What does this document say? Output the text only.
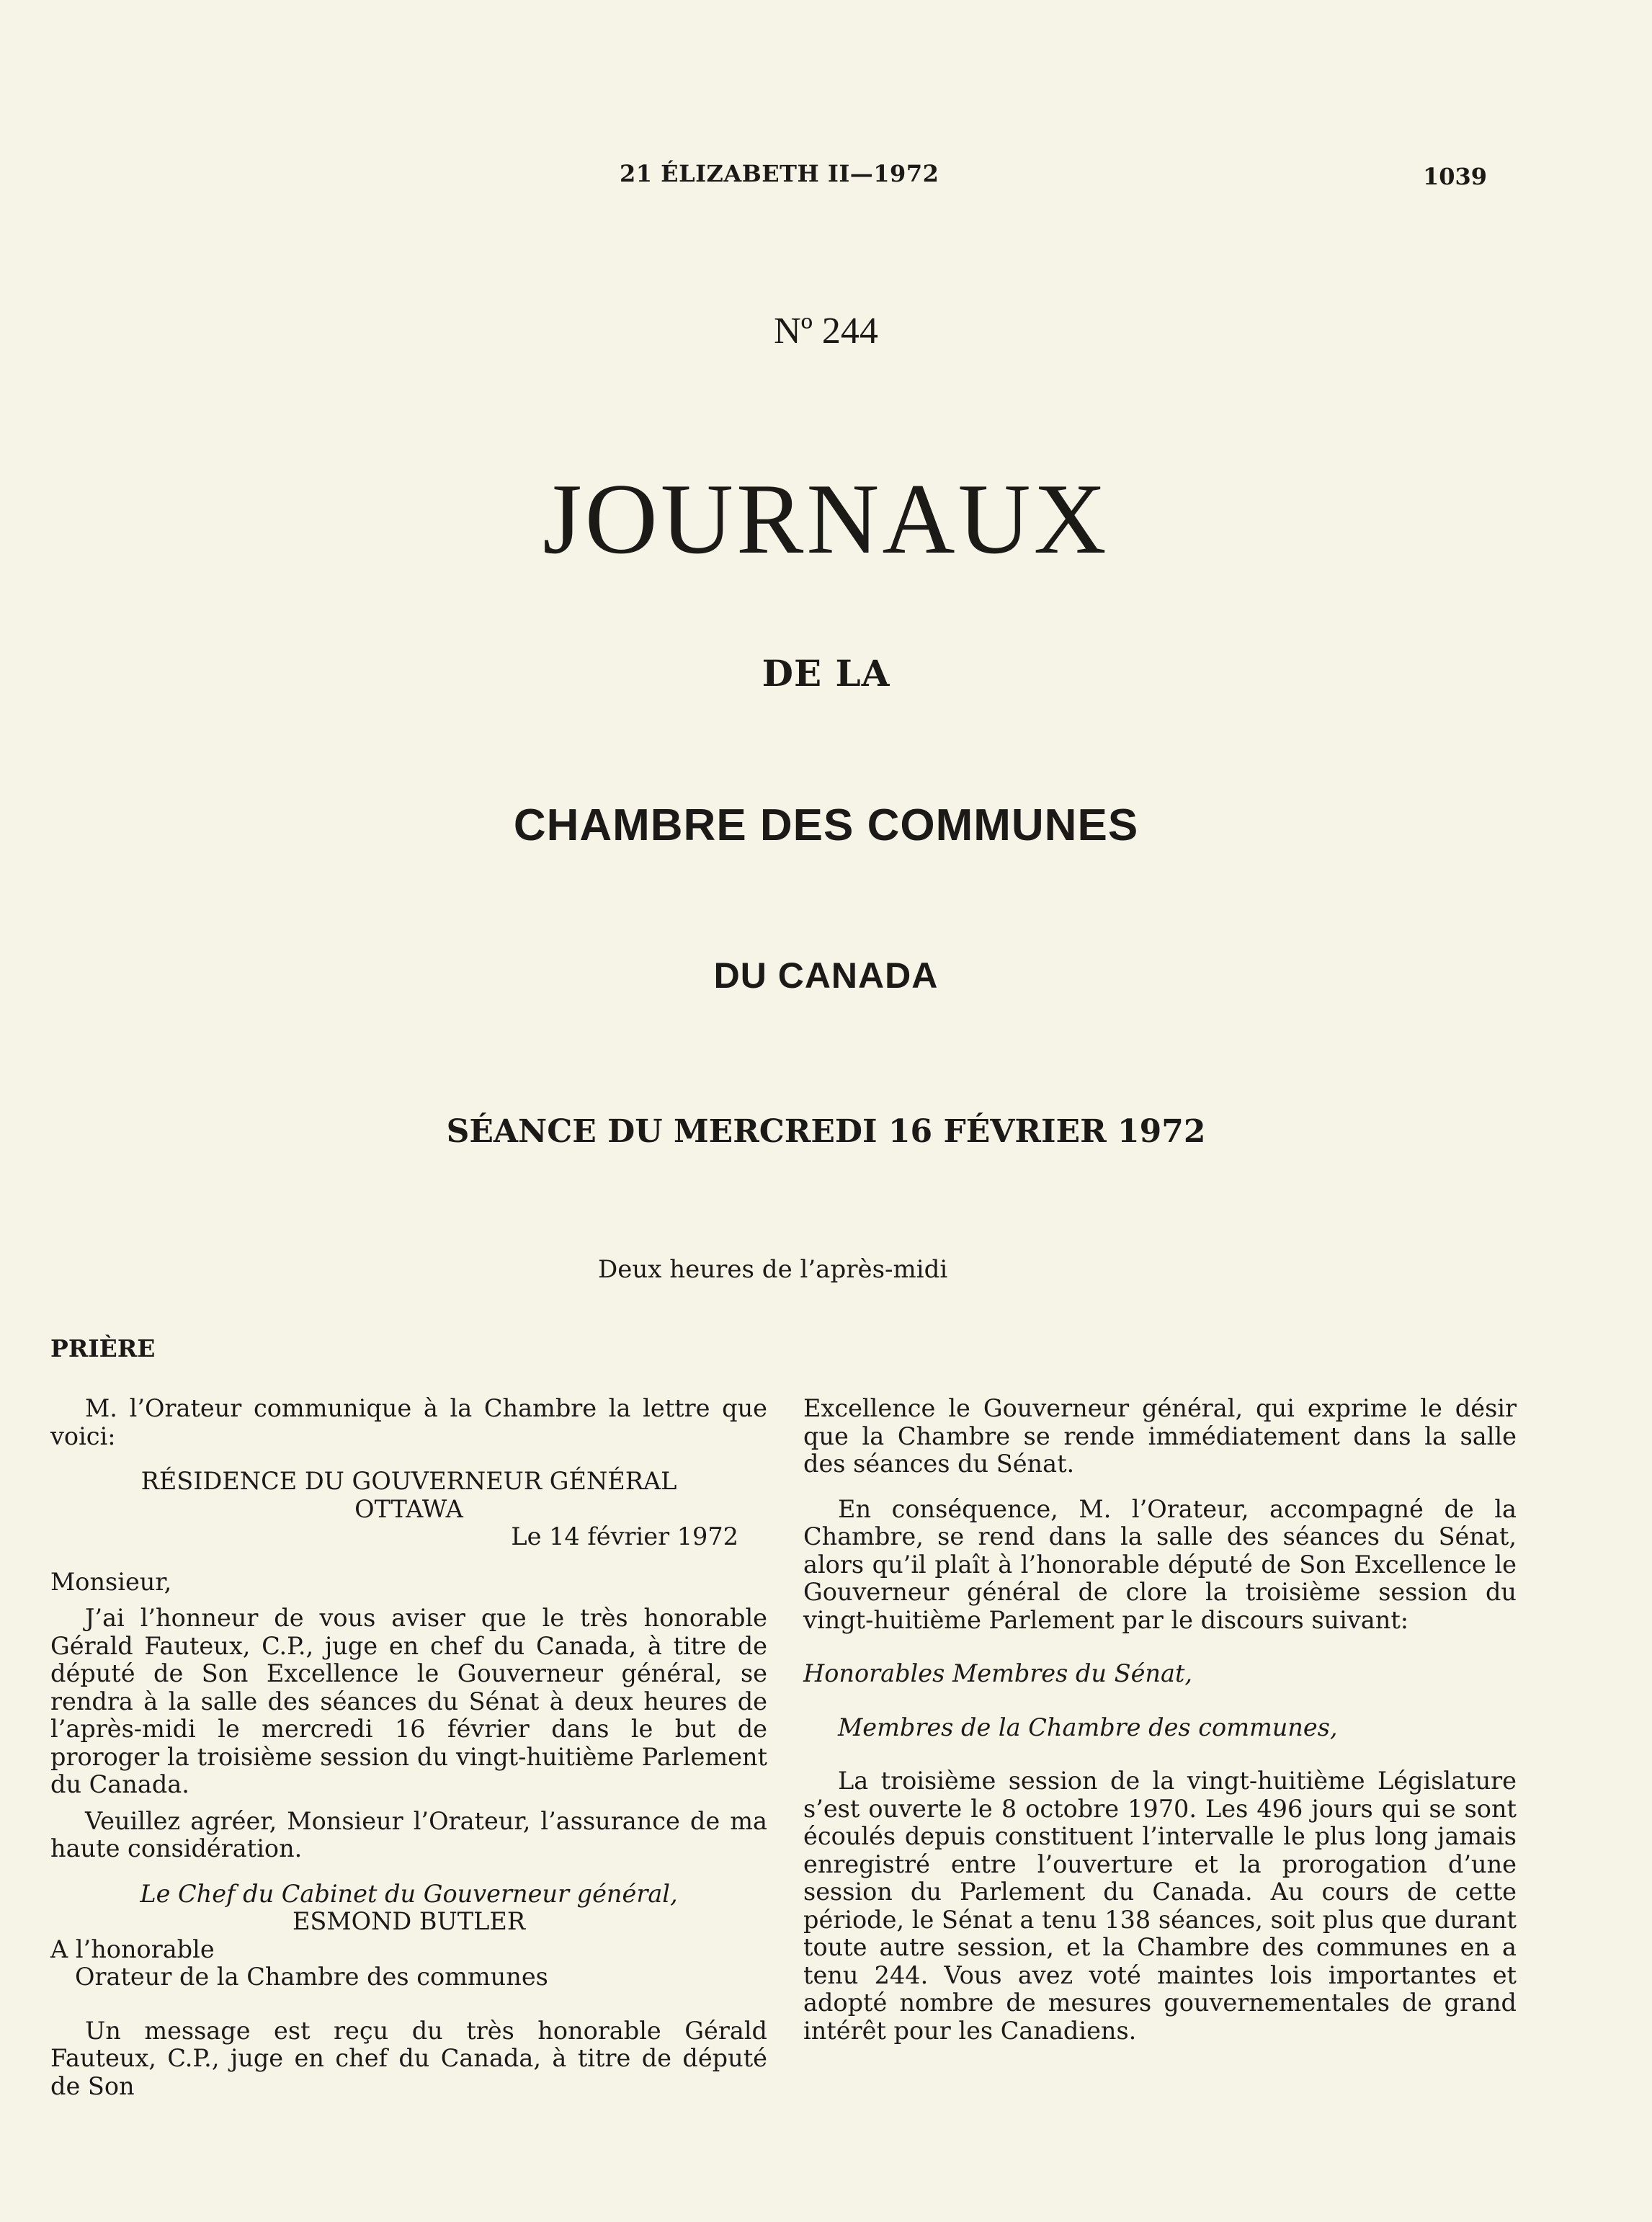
21 ÉLIZABETH II—1972	1039
Nº 244
JOURNAUX
DE LA
CHAMBRE DES COMMUNES
DU CANADA
SÉANCE DU MERCREDI 16 FÉVRIER 1972
Deux heures de l’après-midi
PRIÈRE

M. l’Orateur communique à la Chambre la lettre que voici:

RÉSIDENCE DU GOUVERNEUR GÉNÉRAL

OTTAWA

Le 14 février 1972

Monsieur,

J’ai l’honneur de vous aviser que le très honorable Gérald Fauteux, C.P., juge en chef du Canada, à titre de député de Son Excellence le Gouverneur général, se rendra à la salle des séances du Sénat à deux heures de l’après-midi le mercredi 16 février dans le but de proroger la troisième session du vingt-huitième Parlement du Canada.

Veuillez agréer, Monsieur l’Orateur, l’assurance de ma haute considération.

Le Chef du Cabinet du Gouverneur général,

ESMOND BUTLER

A l’honorable

Orateur de la Chambre des communes

Un message est reçu du très honorable Gérald Fauteux, C.P., juge en chef du Canada, à titre de député de Son

Excellence le Gouverneur général, qui exprime le désir que la Chambre se rende immédiatement dans la salle des séances du Sénat.

En conséquence, M. l’Orateur, accompagné de la Chambre, se rend dans la salle des séances du Sénat, alors qu’il plaît à l’honorable député de Son Excellence le Gouverneur général de clore la troisième session du vingt-huitième Parlement par le discours suivant:

Honorables Membres du Sénat,

Membres de la Chambre des communes,

La troisième session de la vingt-huitième Législature s’est ouverte le 8 octobre 1970. Les 496 jours qui se sont écoulés depuis constituent l’intervalle le plus long jamais enregistré entre l’ouverture et la prorogation d’une session du Parlement du Canada. Au cours de cette période, le Sénat a tenu 138 séances, soit plus que durant toute autre session, et la Chambre des communes en a tenu 244. Vous avez voté maintes lois importantes et adopté nombre de mesures gouvernementales de grand intérêt pour les Canadiens.
